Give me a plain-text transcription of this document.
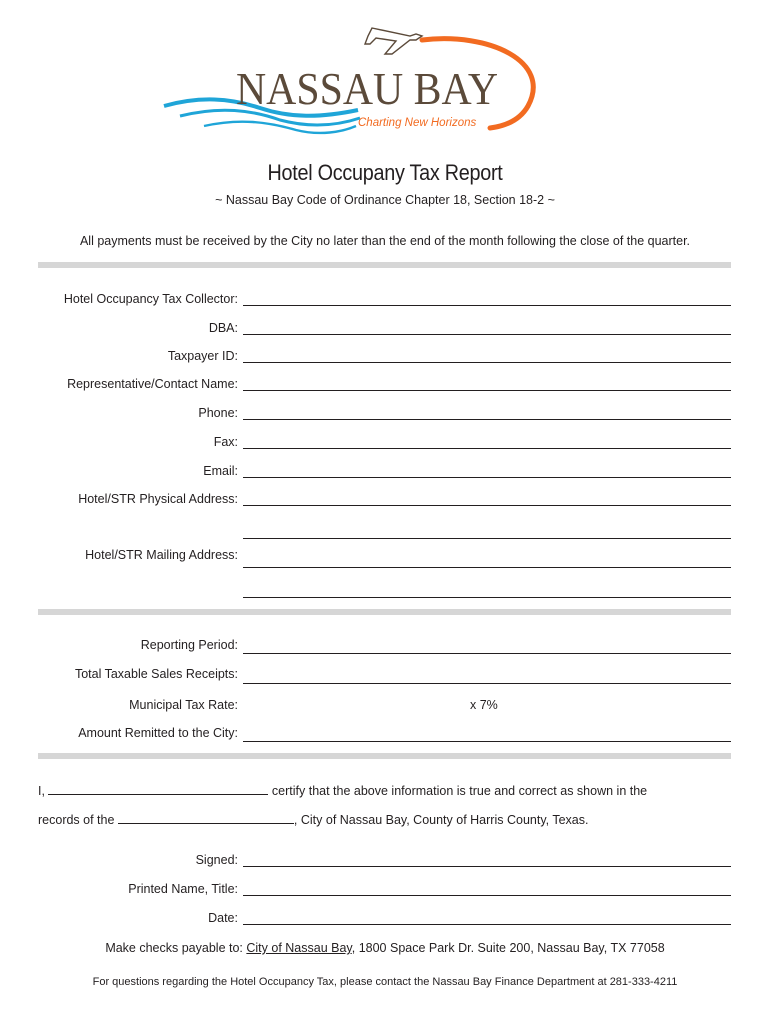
NASSAU BAY
Charting New Horizons
Hotel Occupany Tax Report
~ Nassau Bay Code of Ordinance Chapter 18, Section 18-2 ~
All payments must be received by the City no later than the end of the month following the close of the quarter.
Hotel Occupancy Tax Collector:
DBA:
Taxpayer ID:
Representative/Contact Name:
Phone:
Fax:
Email:
Hotel/STR Physical Address:
Hotel/STR Mailing Address:
Reporting Period:
Total Taxable Sales Receipts:
Municipal Tax Rate:	x 7%
Amount Remitted to the City:
I,	certify that the above information is true and correct as shown in the
records of the	, City of Nassau Bay, County of Harris County, Texas.
Signed:
Printed Name, Title:
Date:
Make checks payable to: City of Nassau Bay, 1800 Space Park Dr. Suite 200, Nassau Bay, TX 77058
For questions regarding the Hotel Occupancy Tax, please contact the Nassau Bay Finance Department at 281-333-4211
